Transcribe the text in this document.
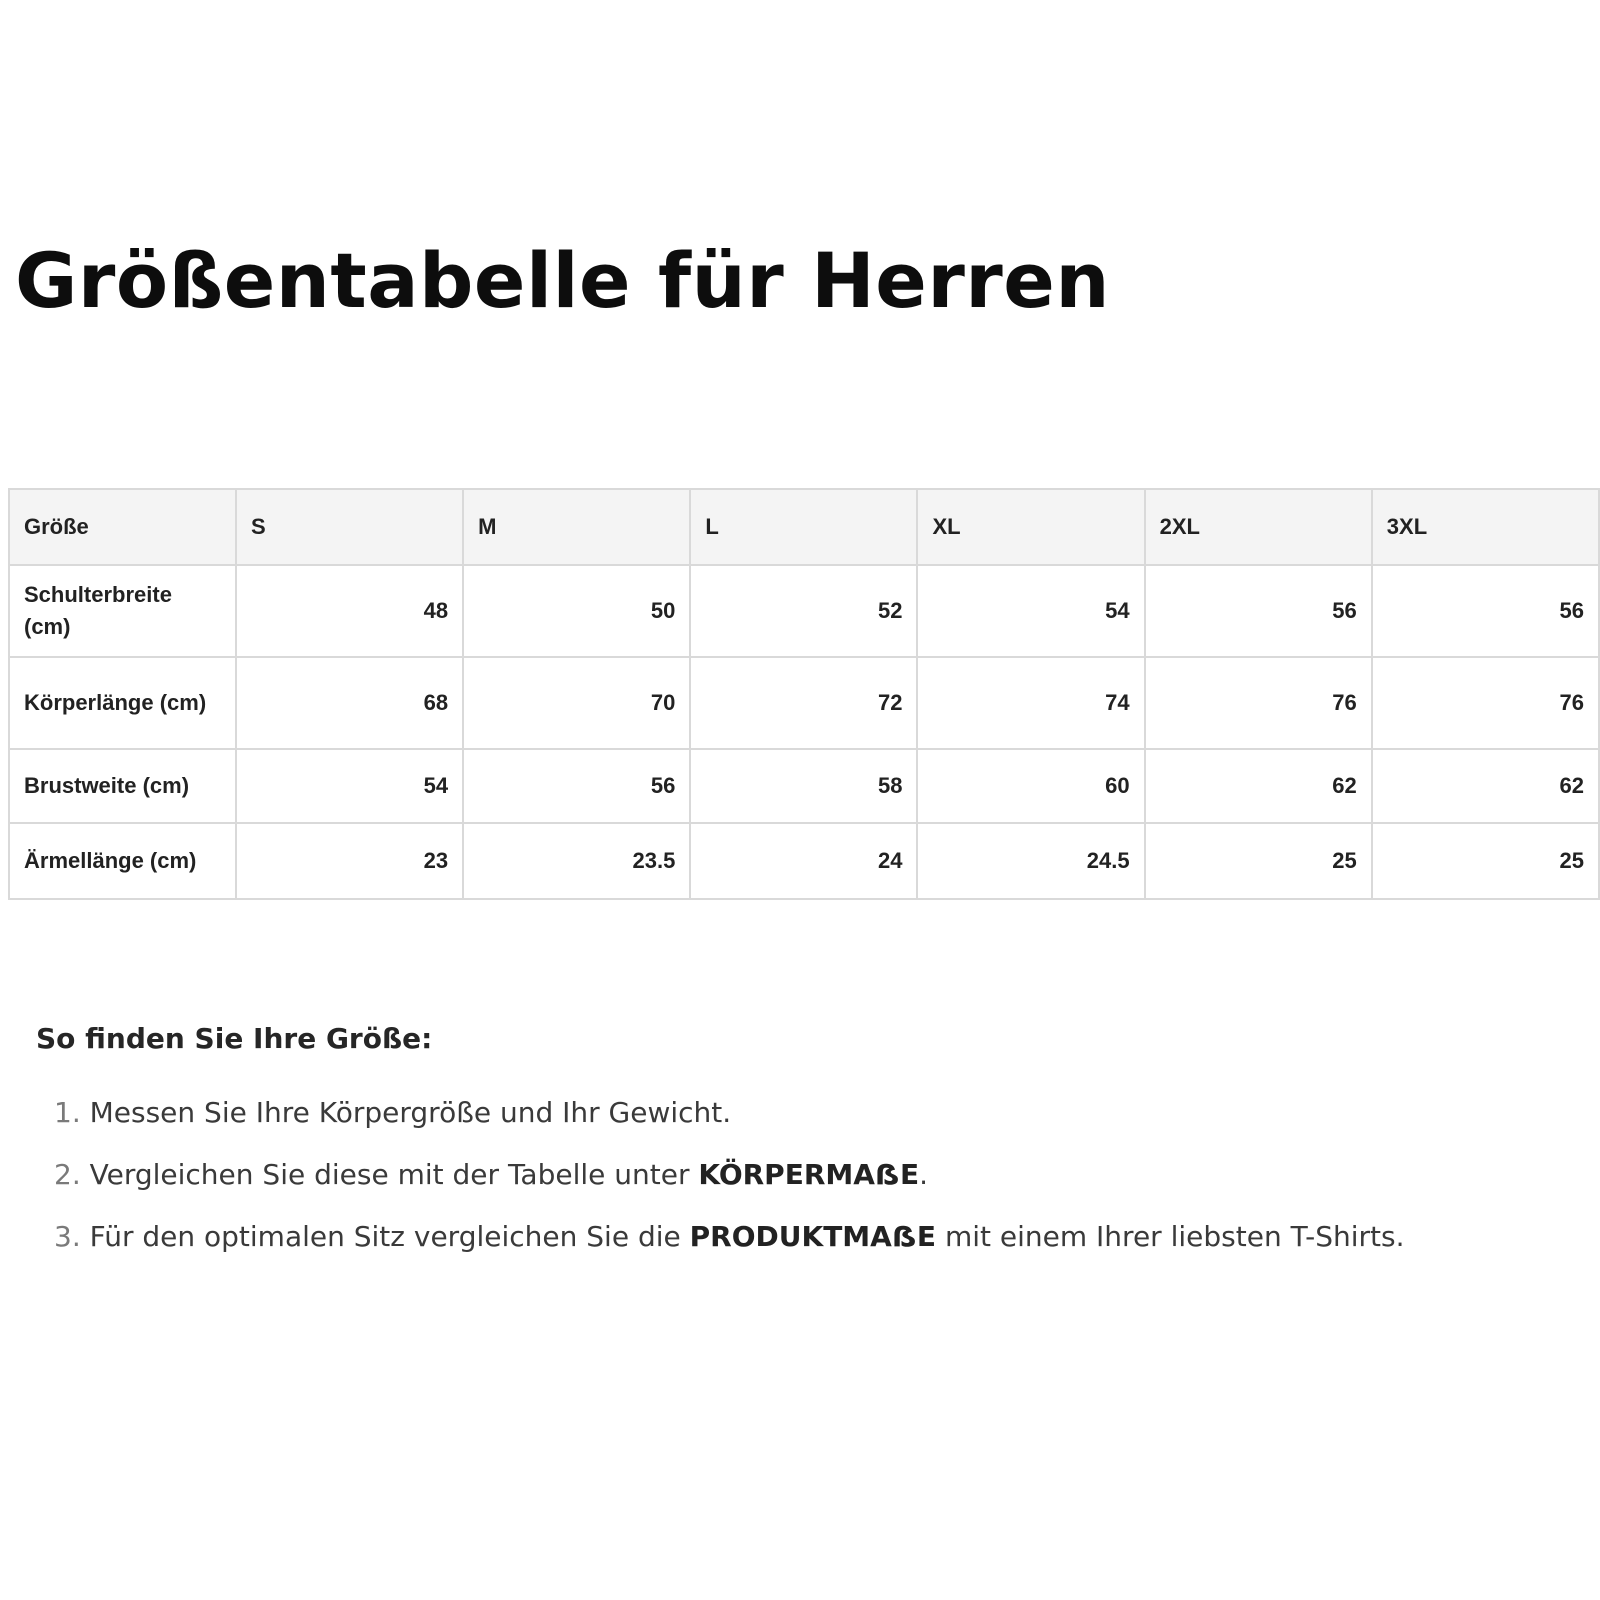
Größentabelle für Herren
Größe	S	M	L	XL	2XL	3XL
Schulterbreite (cm)	48	50	52	54	56	56
Körperlänge (cm)	68	70	72	74	76	76
Brustweite (cm)	54	56	58	60	62	62
Ärmellänge (cm)	23	23.5	24	24.5	25	25
So finden Sie Ihre Größe:
1. Messen Sie Ihre Körpergröße und Ihr Gewicht.
2. Vergleichen Sie diese mit der Tabelle unter KÖRPERMAẞE.
3. Für den optimalen Sitz vergleichen Sie die PRODUKTMAẞE mit einem Ihrer liebsten T-Shirts.
